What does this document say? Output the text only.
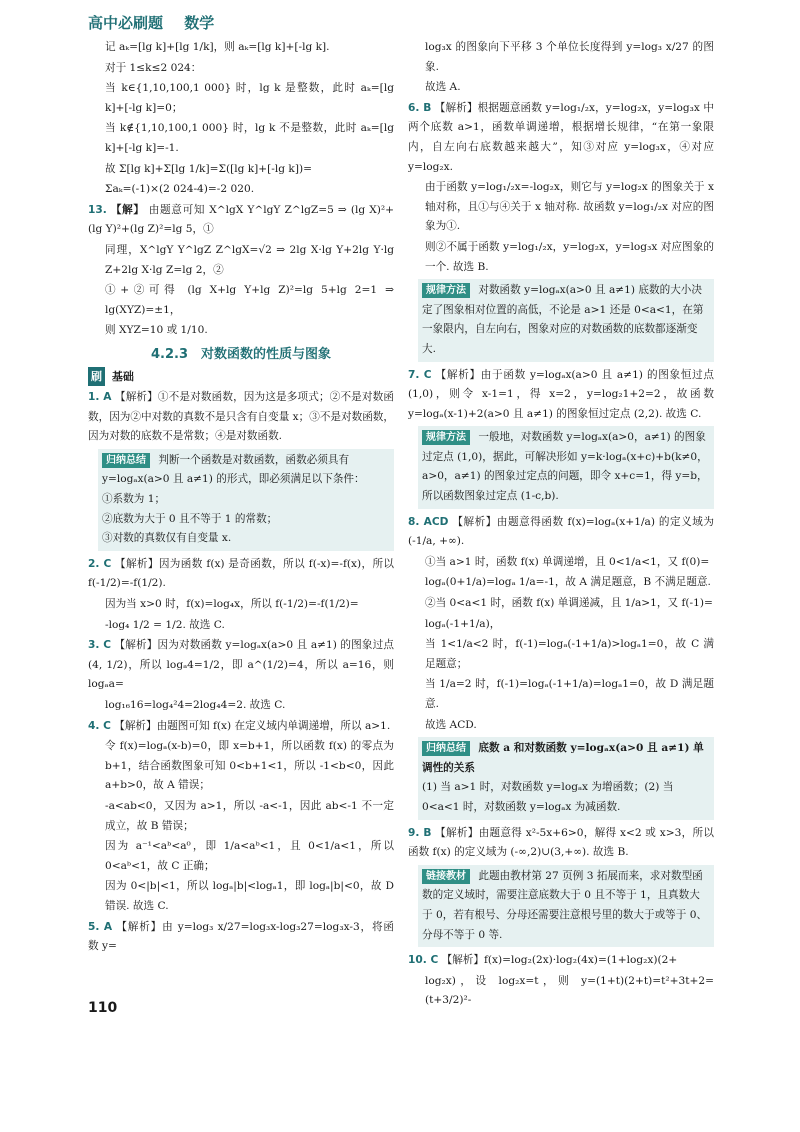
高中必刷题 数学

记 aₖ=[lg k]+[lg 1/k]，则 aₖ=[lg k]+[-lg k].

对于 1≤k≤2 024：

当 k∈{1,10,100,1 000} 时，lg k 是整数，此时 aₖ=[lg k]+[-lg k]=0；

当 k∉{1,10,100,1 000} 时，lg k 不是整数，此时 aₖ=[lg k]+[-lg k]=-1.

故 Σ[lg k]+Σ[lg 1/k]=Σ([lg k]+[-lg k])=

Σaₖ=(-1)×(2 024-4)=-2 020.

13. 【解】 由题意可知 X^lgX Y^lgY Z^lgZ=5 ⇒ (lg X)²+(lg Y)²+(lg Z)²=lg 5，①

同理，X^lgY Y^lgZ Z^lgX=√2 ⇒ 2lg X·lg Y+2lg Y·lg Z+2lg X·lg Z=lg 2，②

①+②可得 (lg X+lg Y+lg Z)²=lg 5+lg 2=1 ⇒ lg(XYZ)=±1，

则 XYZ=10 或 1/10.

4.2.3　对数函数的性质与图象
刷 基础

1. A 【解析】①不是对数函数，因为这是多项式；②不是对数函数，因为②中对数的真数不是只含有自变量 x；③不是对数函数，因为对数的底数不是常数；④是对数函数.

归纳总结 判断一个函数是对数函数，函数必须具有 y=logₐx(a>0 且 a≠1) 的形式，即必须满足以下条件：
①系数为 1；
②底数为大于 0 且不等于 1 的常数；
③对数的真数仅有自变量 x.

2. C 【解析】因为函数 f(x) 是奇函数，所以 f(-x)=-f(x)，所以 f(-1/2)=-f(1/2).

因为当 x>0 时，f(x)=log₄x，所以 f(-1/2)=-f(1/2)=

-log₄ 1/2 = 1/2. 故选 C.

3. C 【解析】因为对数函数 y=logₐx(a>0 且 a≠1) 的图象过点 (4, 1/2)，所以 logₐ4=1/2，即 a^(1/2)=4，所以 a=16，则 logₐa=

log₁₆16=log₄²4=2log₄4=2. 故选 C.

4. C 【解析】由题图可知 f(x) 在定义域内单调递增，所以 a>1.

令 f(x)=logₐ(x-b)=0，即 x=b+1，所以函数 f(x) 的零点为 b+1，结合函数图象可知 0<b+1<1，所以 -1<b<0，因此 a+b>0，故 A 错误；

-a<ab<0，又因为 a>1，所以 -a<-1，因此 ab<-1 不一定成立，故 B 错误；

因为 a⁻¹<aᵇ<a⁰，即 1/a<aᵇ<1，且 0<1/a<1，所以 0<aᵇ<1，故 C 正确；

因为 0<|b|<1，所以 logₐ|b|<logₐ1，即 logₐ|b|<0，故 D 错误. 故选 C.

5. A 【解析】由 y=log₃ x/27=log₃x-log₃27=log₃x-3，将函数 y=

log₃x 的图象向下平移 3 个单位长度得到 y=log₃ x/27 的图象.

故选 A.

6. B 【解析】根据题意函数 y=log₁/₂x，y=log₂x，y=log₃x 中两个底数 a>1，函数单调递增，根据增长规律，“在第一象限内，自左向右底数越来越大”，知③对应 y=log₃x，④对应 y=log₂x.

由于函数 y=log₁/₂x=-log₂x，则它与 y=log₂x 的图象关于 x 轴对称，且①与④关于 x 轴对称. 故函数 y=log₁/₂x 对应的图象为①.

则②不属于函数 y=log₁/₂x，y=log₂x，y=log₃x 对应图象的一个. 故选 B.

规律方法 对数函数 y=logₐx(a>0 且 a≠1) 底数的大小决定了图象相对位置的高低，不论是 a>1 还是 0<a<1，在第一象限内，自左向右，图象对应的对数函数的底数都逐渐变大.

7. C 【解析】由于函数 y=logₐx(a>0 且 a≠1) 的图象恒过点 (1,0)，则令 x-1=1，得 x=2，y=log₂1+2=2，故函数 y=logₐ(x-1)+2(a>0 且 a≠1) 的图象恒过定点 (2,2). 故选 C.

规律方法 一般地，对数函数 y=logₐx(a>0，a≠1) 的图象过定点 (1,0)，据此，可解决形如 y=k·logₐ(x+c)+b(k≠0，a>0，a≠1) 的图象过定点的问题，即令 x+c=1，得 y=b，所以函数图象过定点 (1-c,b).

8. ACD 【解析】由题意得函数 f(x)=logₐ(x+1/a) 的定义域为 (-1/a, +∞).

①当 a>1 时，函数 f(x) 单调递增，且 0<1/a<1，又 f(0)=

logₐ(0+1/a)=logₐ 1/a=-1，故 A 满足题意，B 不满足题意.

②当 0<a<1 时，函数 f(x) 单调递减，且 1/a>1，又 f(-1)=

logₐ(-1+1/a)，

当 1<1/a<2 时，f(-1)=logₐ(-1+1/a)>logₐ1=0，故 C 满足题意；

当 1/a=2 时，f(-1)=logₐ(-1+1/a)=logₐ1=0，故 D 满足题意.

故选 ACD.

归纳总结 底数 a 和对数函数 y=logₐx(a>0 且 a≠1) 单调性的关系
(1) 当 a>1 时，对数函数 y=logₐx 为增函数；(2) 当 0<a<1 时，对数函数 y=logₐx 为减函数.

9. B 【解析】由题意得 x²-5x+6>0，解得 x<2 或 x>3，所以函数 f(x) 的定义域为 (-∞,2)∪(3,+∞). 故选 B.

链接教材 此题由教材第 27 页例 3 拓展而来，求对数型函数的定义域时，需要注意底数大于 0 且不等于 1，且真数大于 0，若有根号、分母还需要注意根号里的数大于或等于 0、分母不等于 0 等.

10. C 【解析】f(x)=log₂(2x)·log₂(4x)=(1+log₂x)(2+

log₂x)，设 log₂x=t，则 y=(1+t)(2+t)=t²+3t+2=(t+3/2)²-

110
